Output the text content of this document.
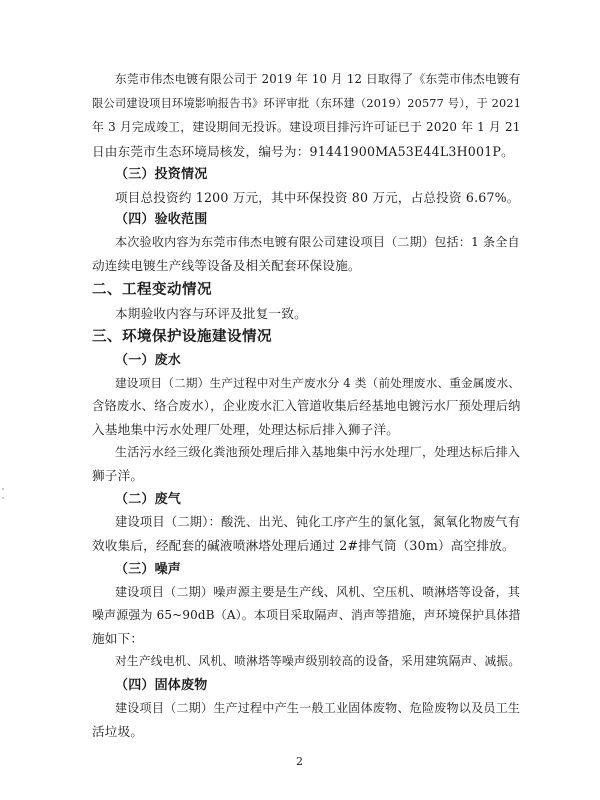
东莞市伟杰电镀有限公司于 2019 年 10 月 12 日取得了《东莞市伟杰电镀有
限公司建设项目环境影响报告书》环评审批（东环建（2019）20577 号），于 2021
年 3 月完成竣工，建设期间无投诉。建设项目排污许可证已于 2020 年 1 月 21
日由东莞市生态环境局核发，编号为：91441900MA53E44L3H001P。
（三）投资情况
项目总投资约 1200 万元，其中环保投资 80 万元，占总投资 6.67%。
（四）验收范围
本次验收内容为东莞市伟杰电镀有限公司建设项目（二期）包括：1 条全自
动连续电镀生产线等设备及相关配套环保设施。
二、工程变动情况
本期验收内容与环评及批复一致。
三、环境保护设施建设情况
（一）废水
建设项目（二期）生产过程中对生产废水分 4 类（前处理废水、重金属废水、
含铬废水、络合废水），企业废水汇入管道收集后经基地电镀污水厂预处理后纳
入基地集中污水处理厂处理，处理达标后排入狮子洋。
生活污水经三级化粪池预处理后排入基地集中污水处理厂，处理达标后排入
狮子洋。
（二）废气
建设项目（二期）：酸洗、出光、钝化工序产生的氯化氢，氮氧化物废气有
效收集后，经配套的碱液喷淋塔处理后通过 2#排气筒（30m）高空排放。
（三）噪声
建设项目（二期）噪声源主要是生产线、风机、空压机、喷淋塔等设备，其
噪声源强为 65~90dB（A）。本项目采取隔声、消声等措施，声环境保护具体措
施如下：
对生产线电机、风机、喷淋塔等噪声级别较高的设备，采用建筑隔声、减振。
（四）固体废物
建设项目（二期）生产过程中产生一般工业固体废物、危险废物以及员工生
活垃圾。
2
